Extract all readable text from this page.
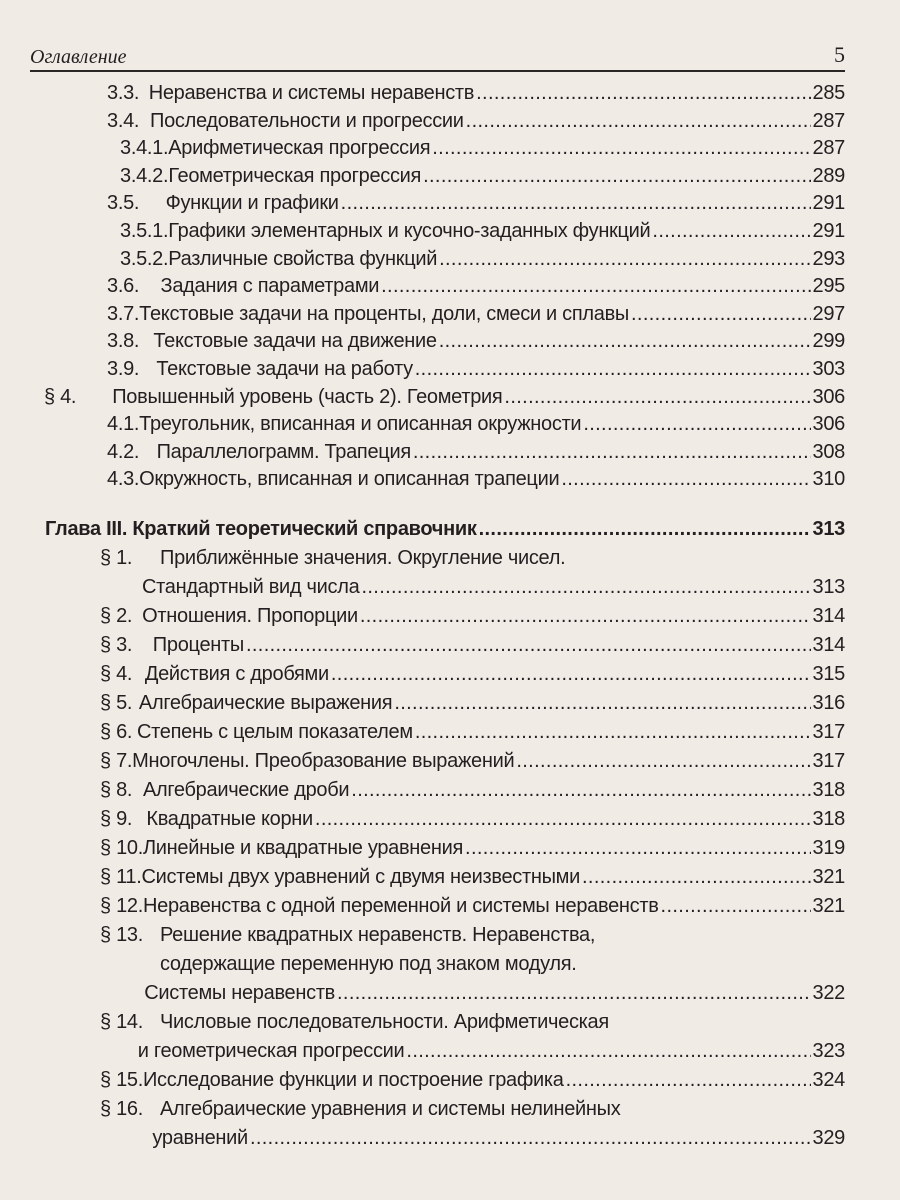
Оглавление	5
3.3. Неравенства и системы неравенств . . .	285
3.4. Последовательности и прогрессии . . .	287
3.4.1. Арифметическая прогрессия . . .	287
3.4.2. Геометрическая прогрессия . . .	289
3.5.	Функции и графики . . .	291
3.5.1. Графики элементарных и кусочно-заданных функций . . .	291
3.5.2. Различные свойства функций . . .	293
3.6.	Задания с параметрами . . .	295
3.7. Текстовые задачи на проценты, доли, смеси и сплавы . . .	297
3.8. Текстовые задачи на движение . . .	299
3.9. Текстовые задачи на работу . . .	303
§ 4.	Повышенный уровень (часть 2). Геометрия . . .	306
4.1. Треугольник, вписанная и описанная окружности . . .	306
4.2. Параллелограмм. Трапеция . . .	308
4.3. Окружность, вписанная и описанная трапеции . . .	310
Глава III. Краткий теоретический справочник . . .	313
§ 1.	Приближённые значения. Округление чисел.
Стандартный вид числа . . .	313
§ 2. Отношения. Пропорции . . .	314
§ 3.	Проценты . . .	314
§ 4. Действия с дробями . . .	315
§ 5. Алгебраические выражения . . .	316
§ 6. Степень с целым показателем . . .	317
§ 7. Многочлены. Преобразование выражений . . .	317
§ 8. Алгебраические дроби . . .	318
§ 9. Квадратные корни . . .	318
§ 10. Линейные и квадратные уравнения . . .	319
§ 11. Системы двух уравнений с двумя неизвестными . . .	321
§ 12. Неравенства с одной переменной и системы неравенств . . .	321
§ 13. Решение квадратных неравенств. Неравенства,
содержащие переменную под знаком модуля.
Системы неравенств . . .	322
§ 14. Числовые последовательности. Арифметическая
и геометрическая прогрессии . . .	323
§ 15. Исследование функции и построение графика . . .	324
§ 16. Алгебраические уравнения и системы нелинейных
уравнений . . .	329
